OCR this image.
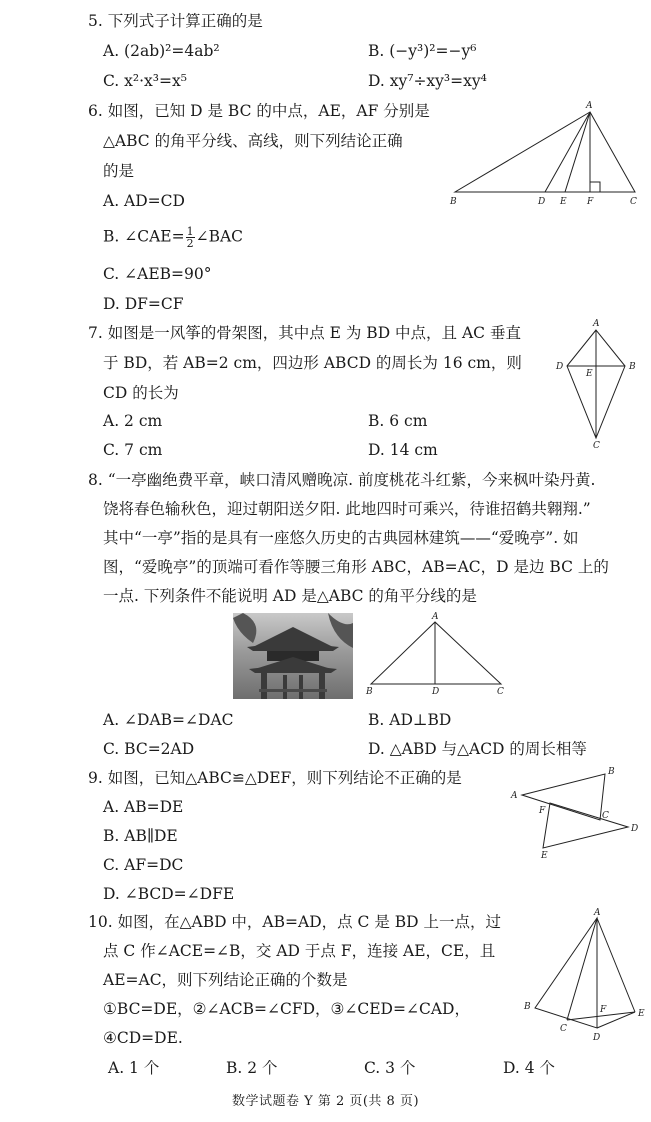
5. 下列式子计算正确的是
A. (2ab)²=4ab²	B. (−y³)²=−y⁶
C. x²·x³=x⁵	D. xy⁷÷xy³=xy⁴
6. 如图，已知 D 是 BC 的中点，AE，AF 分别是
△ABC 的角平分线、高线，则下列结论正确
的是
A. AD=CD
B. ∠CAE= $\frac{1}{2}$ ∠BAC
C. ∠AEB=90°
D. DF=CF
A
B	D E F	C
7. 如图是一风筝的骨架图，其中点 E 为 BD 中点，且 AC 垂直
于 BD，若 AB=2 cm，四边形 ABCD 的周长为 16 cm，则
CD 的长为
A. 2 cm	B. 6 cm
C. 7 cm	D. 14 cm
A
D
E
B
C
8. “一亭幽绝费平章，峡口清风赠晚凉. 前度桃花斗红紫，今来枫叶染丹黄.
饶将春色输秋色，迎过朝阳送夕阳. 此地四时可乘兴，待谁招鹤共翱翔.”
其中“一亭”指的是具有一座悠久历史的古典园林建筑——“爱晚亭”. 如
图，“爱晚亭”的顶端可看作等腰三角形 ABC，AB=AC，D 是边 BC 上的
一点. 下列条件不能说明 AD 是△ABC 的角平分线的是
A
B	D	C
A. ∠DAB=∠DAC	B. AD⊥BD
C. BC=2AD	D. △ABD 与△ACD 的周长相等
9. 如图，已知△ABC≌△DEF，则下列结论不正确的是
A. AB=DE
B. AB∥DE
C. AF=DC
D. ∠BCD=∠DFE
B
A
F	C
D
E
10. 如图，在△ABD 中，AB=AD，点 C 是 BD 上一点，过
点 C 作∠ACE=∠B，交 AD 于点 F，连接 AE，CE，且
AE=AC，则下列结论正确的个数是
①BC=DE，②∠ACB=∠CFD，③∠CED=∠CAD，
④CD=DE.
A. 1 个	B. 2 个	C. 3 个	D. 4 个
A
B
C
F	E
D
数学试题卷 Y 第 2 页(共 8 页)
